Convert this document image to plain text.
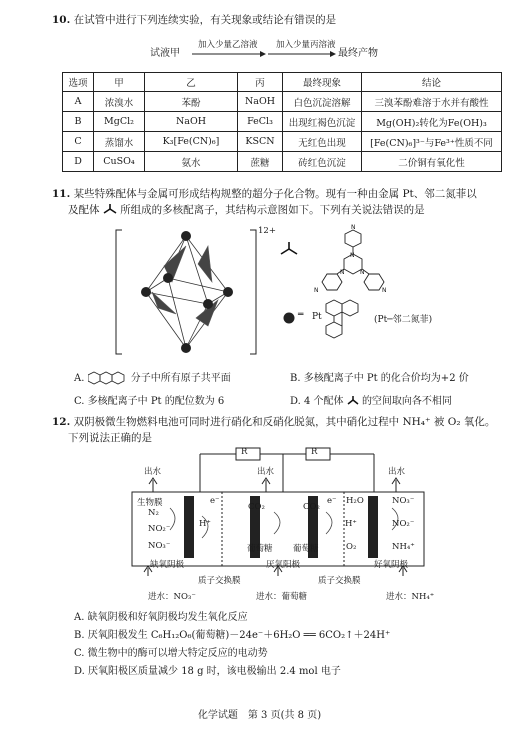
10. 在试管中进行下列连续实验，有关现象或结论有错误的是
试液甲
加入少量乙溶液 加入少量丙溶液
最终产物
选项	甲	乙	丙	最终现象	结论
A	浓溴水	苯酚	NaOH	白色沉淀溶解	三溴苯酚难溶于水并有酸性
B	MgCl₂	NaOH	FeCl₃	出现红褐色沉淀	Mg(OH)₂转化为Fe(OH)₃
C	蒸馏水	K₃[Fe(CN)₆]	KSCN	无红色出现	[Fe(CN)₆]³⁻与Fe³⁺性质不同
D	CuSO₄	氨水	蔗糖	砖红色沉淀	二价铜有氧化性
11. 某些特殊配体与金属可形成结构规整的超分子化合物。现有一种由金属 Pt、邻二氮菲以
及配体 所组成的多核配离子，其结构示意图如下。下列有关说法错误的是
12+	N
N
N
N
N
N
═ Pt	(Pt─邻二氮菲)
A.	分子中所有原子共平面	B. 多核配离子中 Pt 的化合价均为+2 价
C. 多核配离子中 Pt 的配位数为 6	D. 4 个配体 的空间取向各不相同
12. 双阴极微生物燃料电池可同时进行硝化和反硝化脱氮，其中硝化过程中 NH₄⁺ 被 O₂ 氧化。
下列说法正确的是
R	R
出水	出水	出水
生物膜
N₂
NO₂⁻
NO₃⁻
H⁺
e⁻
CO₂	CO₂
葡萄糖 葡萄糖
e⁻ H₂O
H⁺
O₂
NO₃⁻
NO₂⁻
NH₄⁺
缺氧阴极	厌氧阳极	好氧阴极
质子交换膜	质子交换膜
进水：NO₃⁻	进水：葡萄糖	进水：NH₄⁺
A. 缺氧阴极和好氧阴极均发生氧化反应
B. 厌氧阳极发生 C₆H₁₂O₆(葡萄糖)－24e⁻＋6H₂O ══ 6CO₂↑＋24H⁺
C. 微生物中的酶可以增大特定反应的电动势
D. 厌氧阳极区质量减少 18 g 时，该电极输出 2.4 mol 电子
化学试题　第 3 页(共 8 页)
